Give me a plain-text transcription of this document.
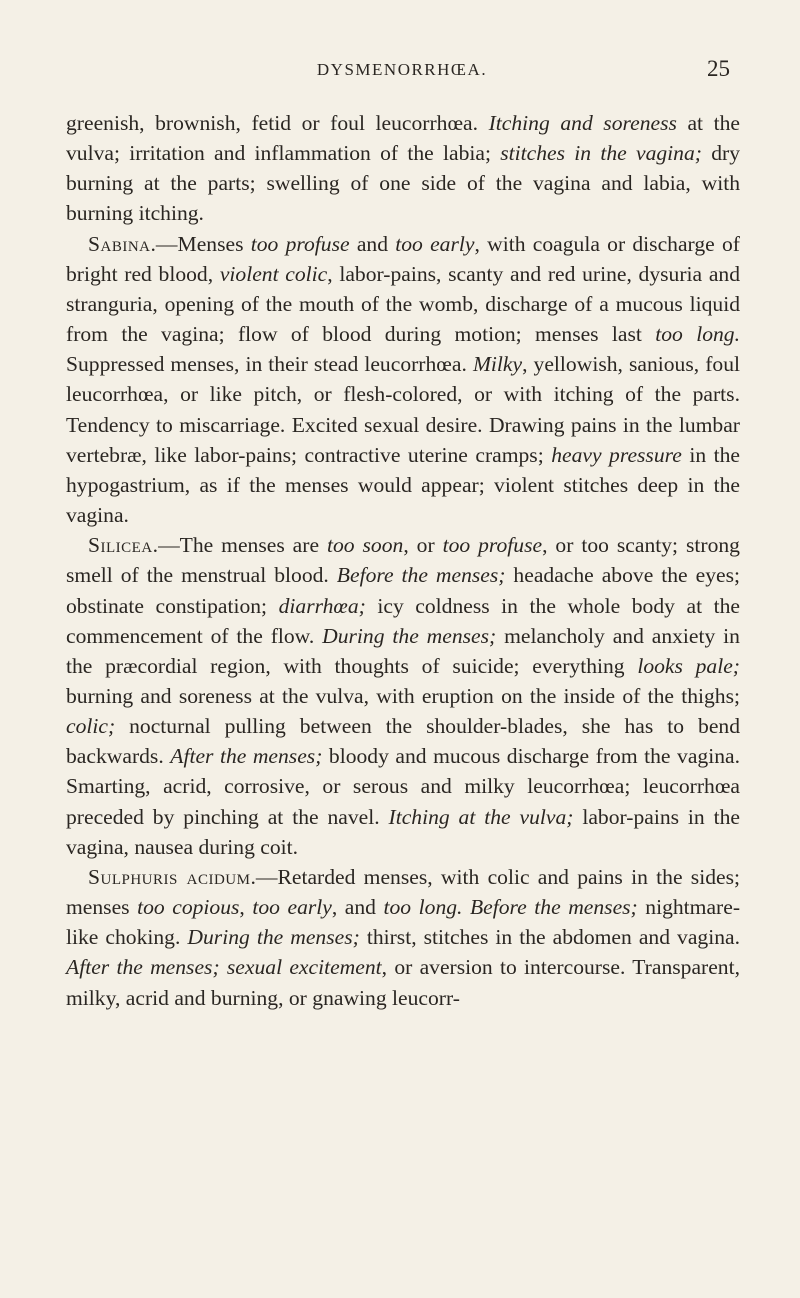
DYSMENORRHŒA.	25

greenish, brownish, fetid or foul leucorrhœa. Itching and soreness at the vulva; irritation and inflammation of the labia; stitches in the vagina; dry burning at the parts; swelling of one side of the vagina and labia, with burning itching.

Sabina.—Menses too profuse and too early, with coagula or discharge of bright red blood, violent colic, labor-pains, scanty and red urine, dysuria and stranguria, opening of the mouth of the womb, discharge of a mucous liquid from the vagina; flow of blood during motion; menses last too long. Suppressed menses, in their stead leucorrhœa. Milky, yellowish, sanious, foul leucorrhœa, or like pitch, or flesh-colored, or with itching of the parts. Tendency to miscarriage. Excited sexual desire. Drawing pains in the lumbar vertebræ, like labor-pains; contractive uterine cramps; heavy pressure in the hypogastrium, as if the menses would appear; violent stitches deep in the vagina.

Silicea.—The menses are too soon, or too profuse, or too scanty; strong smell of the menstrual blood. Before the menses; headache above the eyes; obstinate constipation; diarrhœa; icy coldness in the whole body at the commencement of the flow. During the menses; melancholy and anxiety in the præcordial region, with thoughts of suicide; everything looks pale; burning and soreness at the vulva, with eruption on the inside of the thighs; colic; nocturnal pulling between the shoulder-blades, she has to bend backwards. After the menses; bloody and mucous discharge from the vagina. Smarting, acrid, corrosive, or serous and milky leucorrhœa; leucorrhœa preceded by pinching at the navel. Itching at the vulva; labor-pains in the vagina, nausea during coit.

Sulphuris acidum.—Retarded menses, with colic and pains in the sides; menses too copious, too early, and too long. Before the menses; nightmare-like choking. During the menses; thirst, stitches in the abdomen and vagina. After the menses; sexual excitement, or aversion to intercourse. Transparent, milky, acrid and burning, or gnawing leucorr-
